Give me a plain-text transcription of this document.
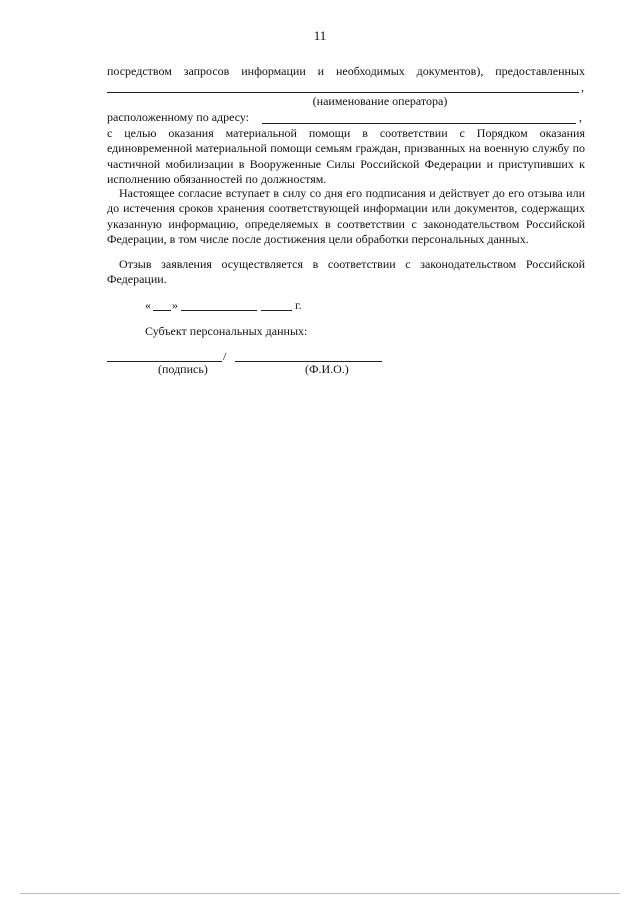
11
посредством запросов информации и необходимых документов), предоставленных
,
(наименование оператора)
расположенному по адресу:	,
с целью оказания материальной помощи в соответствии с Порядком оказания единовременной материальной помощи семьям граждан, призванных на военную службу по частичной мобилизации в Вооруженные Силы Российской Федерации и приступивших к исполнению обязанностей по должностям.
Настоящее согласие вступает в силу со дня его подписания и действует до его отзыва или до истечения сроков хранения соответствующей информации или документов, содержащих указанную информацию, определяемых в соответствии с законодательством Российской Федерации, в том числе после достижения цели обработки персональных данных.
Отзыв заявления осуществляется в соответствии с законодательством Российской Федерации.
« »	г.
Субъект персональных данных:
/
(подпись)	(Ф.И.О.)
